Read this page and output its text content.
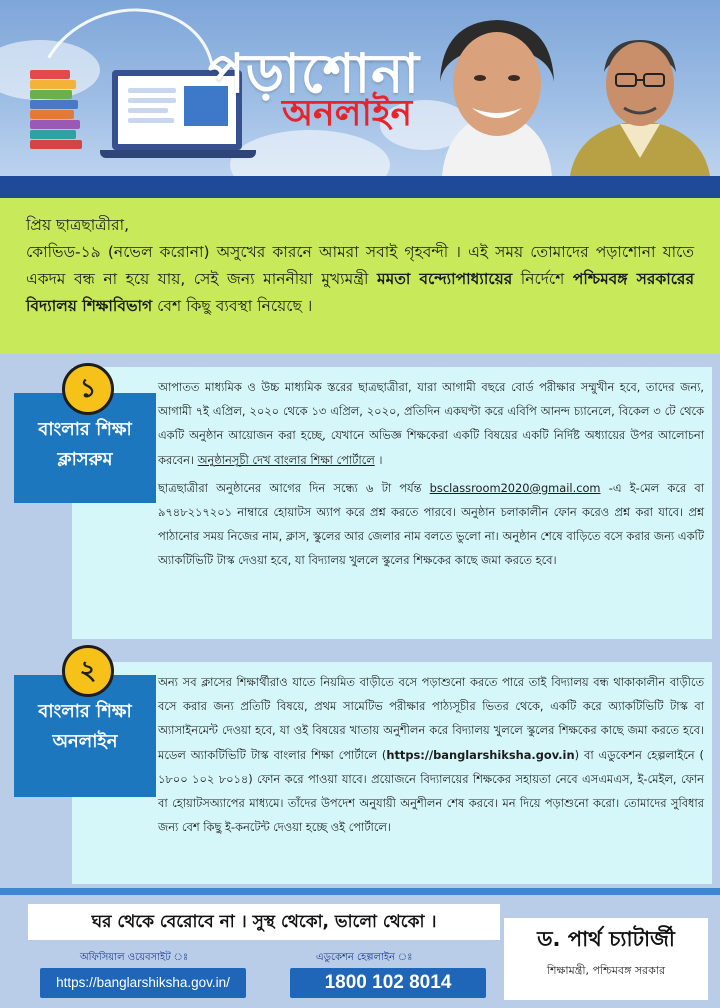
পড়াশোনা
অনলাইন

প্রিয় ছাত্রছাত্রীরা,

কোভিড-১৯ (নভেল করোনা) অসুখের কারনে আমরা সবাই গৃহবন্দী । এই সময় তোমাদের পড়াশোনা যাতে একদম বন্ধ না হয়ে যায়, সেই জন্য মাননীয়া মুখ্যমন্ত্রী মমতা বন্দ্যোপাধ্যায়ের নির্দেশে পশ্চিমবঙ্গ সরকারের বিদ্যালয় শিক্ষাবিভাগ বেশ কিছু ব্যবস্থা নিয়েছে ।

আপাতত মাধ্যমিক ও উচ্চ মাধ্যমিক স্তরের ছাত্রছাত্রীরা, যারা আগামী বছরে বোর্ড পরীক্ষার সম্মুখীন হবে, তাদের জন্য, আগামী ৭ই এপ্রিল, ২০২০ থেকে ১৩ এপ্রিল, ২০২০, প্রতিদিন একঘণ্টা করে এবিপি আনন্দ চ্যানেলে, বিকেল ৩ টে থেকে একটি অনুষ্ঠান আয়োজন করা হচ্ছে, যেখানে অভিজ্ঞ শিক্ষকেরা একটি বিষয়ের একটি নির্দিষ্ট অধ্যায়ের উপর আলোচনা করবেন। অনুষ্ঠানসূচী দেখ বাংলার শিক্ষা পোর্টালে ।

ছাত্রছাত্রীরা অনুষ্ঠানের আগের দিন সন্ধ্যে ৬ টা পর্যন্ত bsclassroom2020@gmail.com -এ ই-মেল করে বা ৯৭৪৮২১৭২০১ নাম্বারে হোয়াটস অ্যাপ করে প্রশ্ন করতে পারবে। অনুষ্ঠান চলাকালীন ফোন করেও প্রশ্ন করা যাবে। প্রশ্ন পাঠানোর সময় নিজের নাম, ক্লাস, স্কুলের আর জেলার নাম বলতে ভুলো না। অনুষ্ঠান শেষে বাড়িতে বসে করার জন্য একটি অ্যাকটিভিটি টাস্ক দেওয়া হবে, যা বিদ্যালয় খুললে স্কুলের শিক্ষকের কাছে জমা করতে হবে।

১
বাংলার শিক্ষা ক্লাসরুম

অন্য সব ক্লাসের শিক্ষার্থীরাও যাতে নিয়মিত বাড়ীতে বসে পড়াশুনো করতে পারে তাই বিদ্যালয় বন্ধ থাকাকালীন বাড়ীতে বসে করার জন্য প্রতিটি বিষয়ে, প্রথম সামেটিভ পরীক্ষার পাঠ্যসূচীর ভিতর থেকে, একটি করে অ্যাকটিভিটি টাস্ক বা অ্যাসাইনমেন্ট দেওয়া হবে, যা ওই বিষয়ের খাতায় অনুশীলন করে বিদ্যালয় খুললে স্কুলের শিক্ষকের কাছে জমা করতে হবে। মডেল অ্যাকটিভিটি টাস্ক বাংলার শিক্ষা পোর্টালে (https://banglarshiksha.gov.in) বা এডুকেশন হেল্পলাইনে ( ১৮০০ ১০২ ৮০১৪) ফোন করে পাওয়া যাবে। প্রয়োজনে বিদ্যালয়ের শিক্ষকের সহায়তা নেবে এসএমএস, ই-মেইল, ফোন বা হোয়াটসঅ্যাপের মাধ্যমে। তাঁদের উপদেশ অনুযায়ী অনুশীলন শেষ করবে। মন দিয়ে পড়াশুনো করো। তোমাদের সুবিধার জন্য বেশ কিছু ই-কনটেন্ট দেওয়া হচ্ছে ওই পোর্টালে।

২
বাংলার শিক্ষা অনলাইন
ঘর থেকে বেরোবে না । সুস্থ থেকো, ভালো থেকো ।
অফিসিয়াল ওয়েবসাইট ঃ	এডুকেশন হেল্পলাইন ঃ
https://banglarshiksha.gov.in/	1800 102 8014
ড. পার্থ চ্যাটার্জী
শিক্ষামন্ত্রী, পশ্চিমবঙ্গ সরকার
